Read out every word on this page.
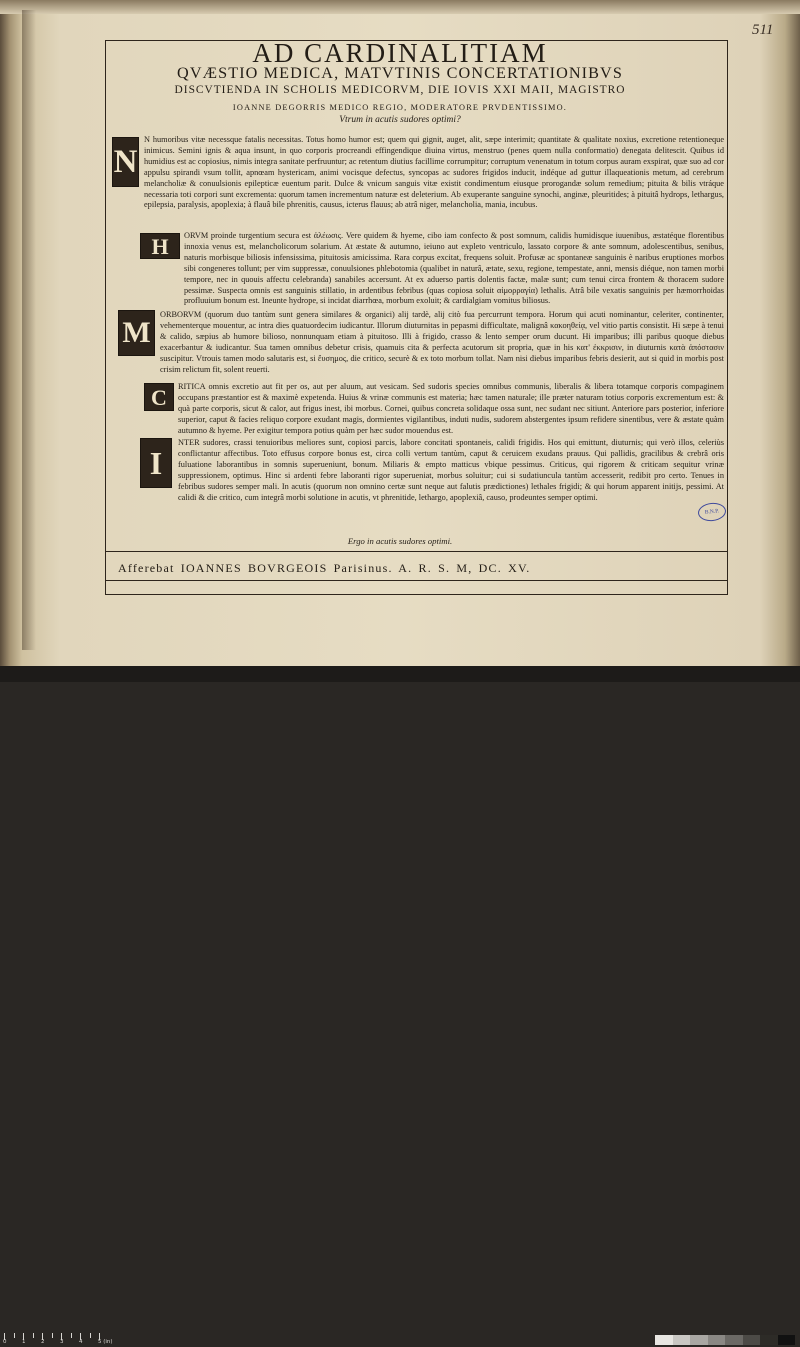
511
AD CARDINALITIAM
QVÆSTIO MEDICA, MATVTINIS CONCERTATIONIBVS
DISCVTIENDA IN SCHOLIS MEDICORVM, DIE IOVIS XXI MAII, MAGISTRO
IOANNE DEGORRIS MEDICO REGIO, MODERATORE PRVDENTISSIMO.
Vtrum in acutis sudores optimi?
N

N humoribus vitæ necessque fatalis necessitas. Totus homo humor est; quem qui gignit, auget, alit, sæpe interimit; quantitate & qualitate noxius, excretione retentioneque inimicus. Semini ignis & aqua insunt, in quo corporis procreandi effingendique diuina virtus, menstruo (penes quem nulla conformatio) denegata delitescit. Quibus id humidius est ac copiosius, nimis integra sanitate perfruuntur; ac retentum diutius facillime corrumpitur; corruptum venenatum in totum corpus auram exspirat, quæ suo ad cor appulsu spirandi vsum tollit, apnœam hystericam, animi vocisque defectus, syncopas ac sudores frigidos inducit, indéque ad guttur illaqueationis metum, ad cerebrum melancholiæ & conuulsionis epilepticæ euentum parit. Dulce & vnicum sanguis vitæ existit condimentum eiusque prorogandæ solum remedium; pituita & bilis vtráque necessaria toti corpori sunt excrementa: quorum tamen incrementum naturæ est deleterium. Ab exuperante sanguine synochi, anginæ, pleuritides; à pituitâ hydrops, lethargus, epilepsia, paralysis, apoplexia; à flauâ bile phrenitis, causus, icterus flauus; ab atrâ niger, melancholia, mania, incubus.

H	ORVM proinde turgentium secura est ἀλέωσις. Vere quidem & hyeme, cibo iam confecto & post somnum, calidis humidisque iuuenibus, æstatéque florentibus innoxia venus est, melancholicorum solarium. At æstate & autumno, ieiuno aut expleto ventriculo, lassato corpore & ante somnum, adolescentibus, senibus, naturis morbisque biliosis infensissima, pituitosis amicissima. Rara corpus excitat, frequens soluit. Profusæ ac spontaneæ sanguinis è naribus eruptiones morbos sibi congeneres tollunt; per vim suppressæ, conuulsiones phlebotomia (qualibet in naturâ, ætate, sexu, regione, tempestate, anni, mensis diéque, non tamen morbi tempore, nec in quouis affectu celebranda) sanabiles accersunt. At ex aduerso partis dolentis factæ, malæ sunt; cum tenui circa frontem & thoracem sudore pessimæ. Suspecta omnis est sanguinis stillatio, in ardentibus febribus (quas copiosa soluit αἱμορραγία) lethalis. Atrâ bile vexatis sanguinis per hæmorrhoidas profluuium bonum est. Ineunte hydrope, si incidat diarrhœa, morbum exoluit; & cardialgiam vomitus biliosus.

M

ORBORVM (quorum duo tantùm sunt genera similares & organici) alij tardè, alij citò fua percurrunt tempora. Horum qui acuti nominantur, celeriter, continenter, vehementerque mouentur, ac intra dies quatuordecim iudicantur. Illorum diuturnitas in pepasmi difficultate, malignâ κακοηθείᾳ, vel vitio partis consistit. Hi sæpe à tenui & calido, sæpius ab humore bilioso, nonnunquam etiam à pituitoso. Illi à frigido, crasso & lento semper orum ducunt. Hi imparibus; illi paribus quoque diebus exacerbantur & iudicantur. Sua tamen omnibus debetur crisis, quamuis cita & perfecta acutorum sit propria, quæ in his κατ' ἐκκρισιν, in diuturnis κατὰ ἀπόστασιν suscipitur. Vtrouis tamen modo salutaris est, si ἔυσημος, die critico, securè & ex toto morbum tollat. Nam nisi diebus imparibus febris desierit, aut si quid in morbis post crisim relictum fit, solent reuerti.

C	RITICA omnis excretio aut fit per os, aut per aluum, aut vesicam. Sed sudoris species omnibus communis, liberalis & libera totamque corporis compaginem occupans præstantior est & maximè expetenda. Huius & vrinæ communis est materia; hæc tamen naturale; ille præter naturam totius corporis excrementum est: & quà parte corporis, sicut & calor, aut frigus inest, ibi morbus. Cornei, quibus concreta solidaque ossa sunt, nec sudant nec sitiunt. Anteriore pars posterior, inferiore superior, caput & facies reliquo corpore exudant magis, dormientes vigilantibus, induti nudis, sudorem abstergentes ipsum refidere sinentibus, vere & æstate quàm autumno & hyeme. Per exigitur tempora potius quàm per hæc sudor mouendus est.

I

NTER sudores, crassi tenuioribus meliores sunt, copiosi parcis, labore concitati spontaneis, calidi frigidis. Hos qui emittunt, diuturnis; qui verò illos, celeriùs conflictantur affectibus. Toto effusus corpore bonus est, circa colli vertum tantùm, caput & ceruicem exudans prauus. Qui pallidis, gracilibus & crebrâ oris fuluatione laborantibus in somnis superueniunt, bonum. Miliaris & empto matticus vbique pessimus. Criticus, qui rigorem & criticam sequitur vrinæ suppressionem, optimus. Hinc si ardenti febre laboranti rigor superueniat, morbus soluitur; cui si sudatiuncula tantùm accesserit, redibit pro certo. Tenues in febribus sudores semper mali. In acutis (quorum non omnino certæ sunt neque aut falutis prædictiones) lethales frigidi; & qui horum apparent initijs, pessimi. At calidi & die critico, cum integrâ morbi solutione in acutis, vt phrenitide, lethargo, apoplexiâ, causo, prodeuntes semper optimi.

B.N.P.
Ergo in acutis sudores optimi.
Afferebat IOANNES BOVRGEOIS Parisinus. A. R. S. M, DC. XV.
0	1	2	3	4	5 (in)
